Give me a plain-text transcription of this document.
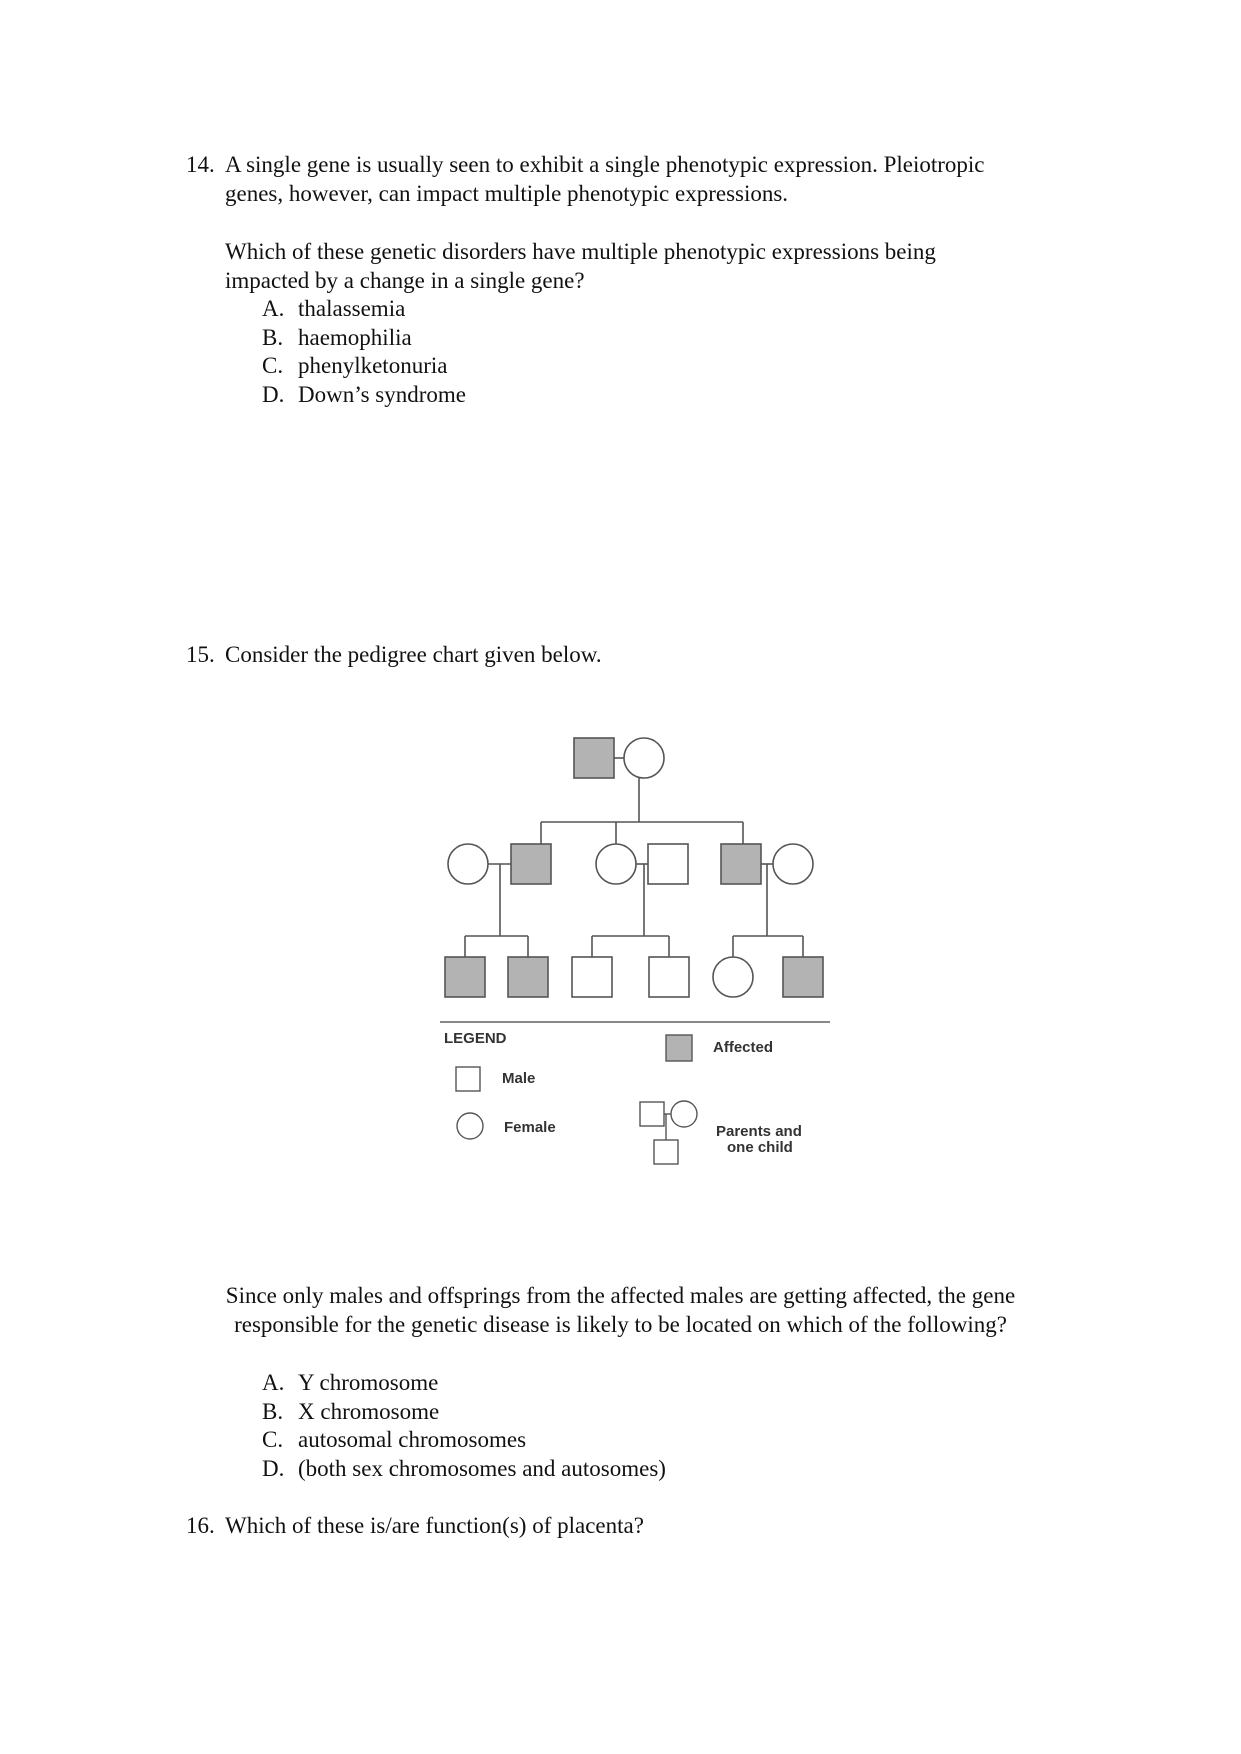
14. A single gene is usually seen to exhibit a single phenotypic expression. Pleiotropic
genes, however, can impact multiple phenotypic expressions.
Which of these genetic disorders have multiple phenotypic expressions being
impacted by a change in a single gene?
A. thalassemia
B. haemophilia
C. phenylketonuria
D. Down’s syndrome
15. Consider the pedigree chart given below.
LEGEND
Affected
Male
Female	Parents and
one child
Since only males and offsprings from the affected males are getting affected, the gene
responsible for the genetic disease is likely to be located on which of the following?
A. Y chromosome
B. X chromosome
C. autosomal chromosomes
D. (both sex chromosomes and autosomes)
16. Which of these is/are function(s) of placenta?
